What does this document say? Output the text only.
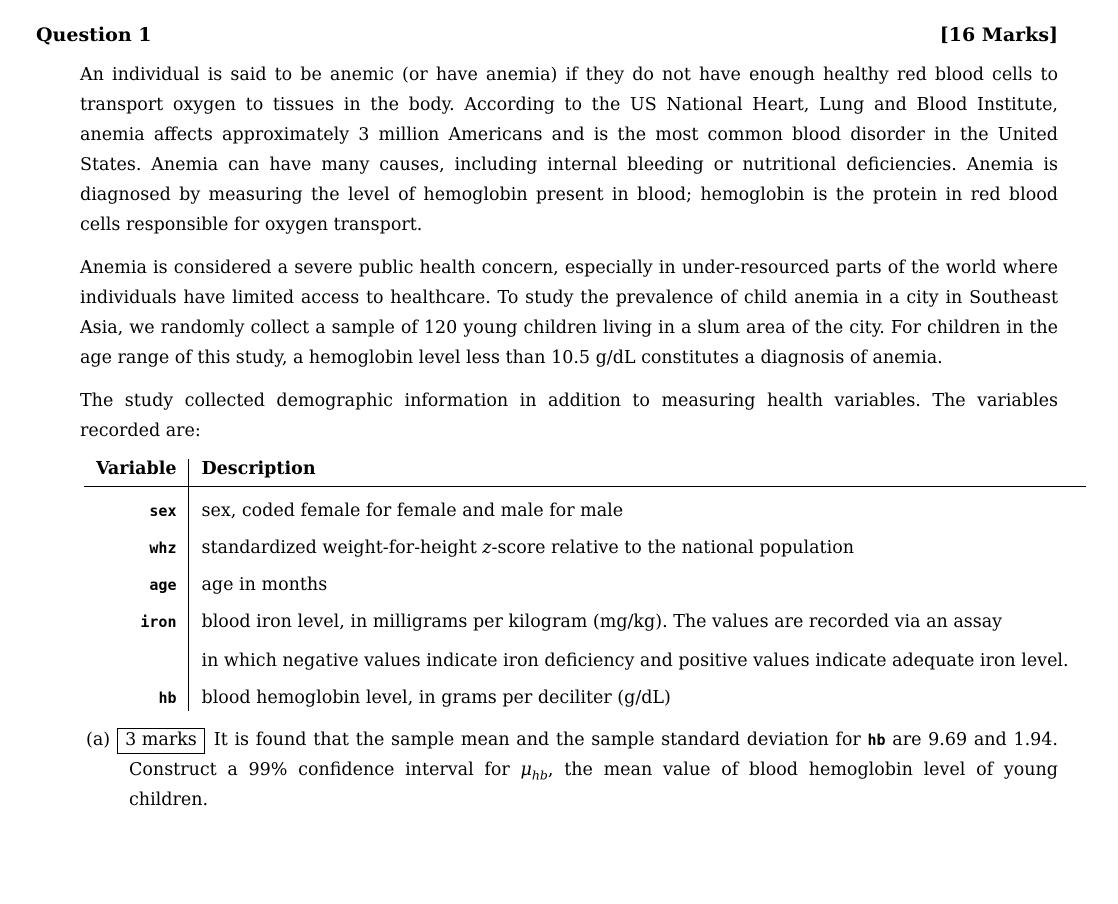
Question 1	[16 Marks]

An individual is said to be anemic (or have anemia) if they do not have enough healthy red blood cells to transport oxygen to tissues in the body. According to the US National Heart, Lung and Blood Institute, anemia affects approximately 3 million Americans and is the most common blood disorder in the United States. Anemia can have many causes, including internal bleeding or nutritional deficiencies. Anemia is diagnosed by measuring the level of hemoglobin present in blood; hemoglobin is the protein in red blood cells responsible for oxygen transport.

Anemia is considered a severe public health concern, especially in under-resourced parts of the world where individuals have limited access to healthcare. To study the prevalence of child anemia in a city in Southeast Asia, we randomly collect a sample of 120 young children living in a slum area of the city. For children in the age range of this study, a hemoglobin level less than 10.5 g/dL constitutes a diagnosis of anemia.

The study collected demographic information in addition to measuring health variables. The variables recorded are:

Variable	Description
sex	sex, coded female for female and male for male
whz	standardized weight-for-height z-score relative to the national population
age	age in months
iron	blood iron level, in milligrams per kilogram (mg/kg). The values are recorded via an assay
in which negative values indicate iron deficiency and positive values indicate adequate iron level.

hb	blood hemoglobin level, in grams per deciliter (g/dL)
(a) 3 marks It is found that the sample mean and the sample standard deviation for hb are 9.69 and 1.94. Construct a 99% confidence interval for $\mu_{hb}$, the mean value of blood hemoglobin level of young children.
